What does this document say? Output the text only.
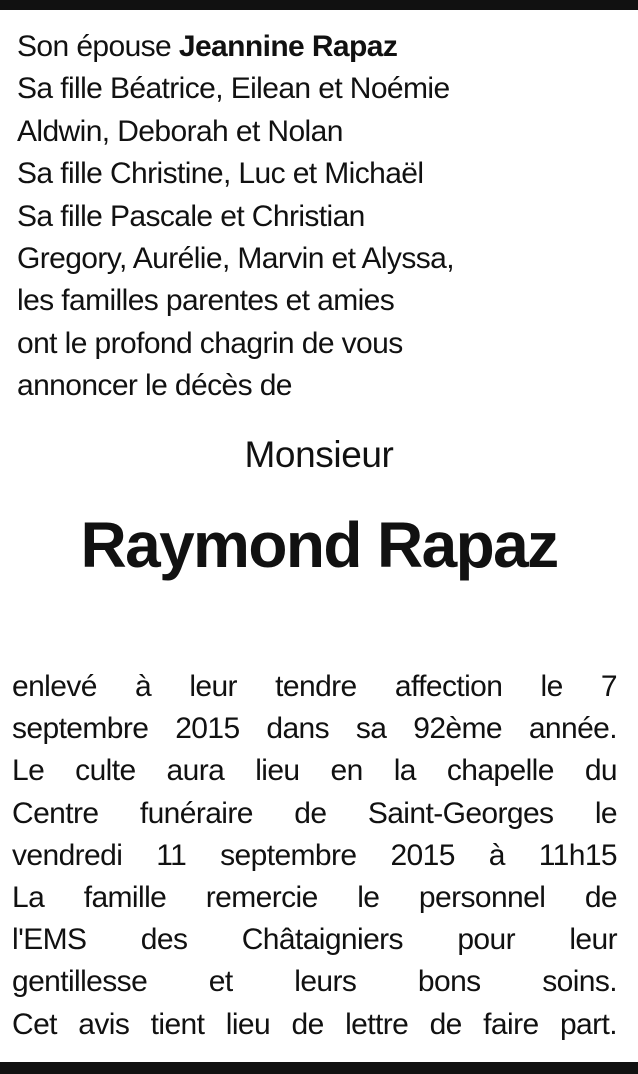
Son épouse Jeannine Rapaz
Sa fille Béatrice, Eilean et Noémie
Aldwin, Deborah et Nolan
Sa fille Christine, Luc et Michaël
Sa fille Pascale et Christian
Gregory, Aurélie, Marvin et Alyssa,
les familles parentes et amies
ont le profond chagrin de vous
annoncer le décès de
Monsieur
Raymond Rapaz
enlevé à leur tendre affection le 7
septembre 2015 dans sa 92ème année.
Le culte aura lieu en la chapelle du
Centre funéraire de Saint-Georges le
vendredi 11 septembre 2015 à 11h15
La famille remercie le personnel de
l'EMS des Châtaigniers pour leur
gentillesse et leurs bons soins.
Cet avis tient lieu de lettre de faire part.
